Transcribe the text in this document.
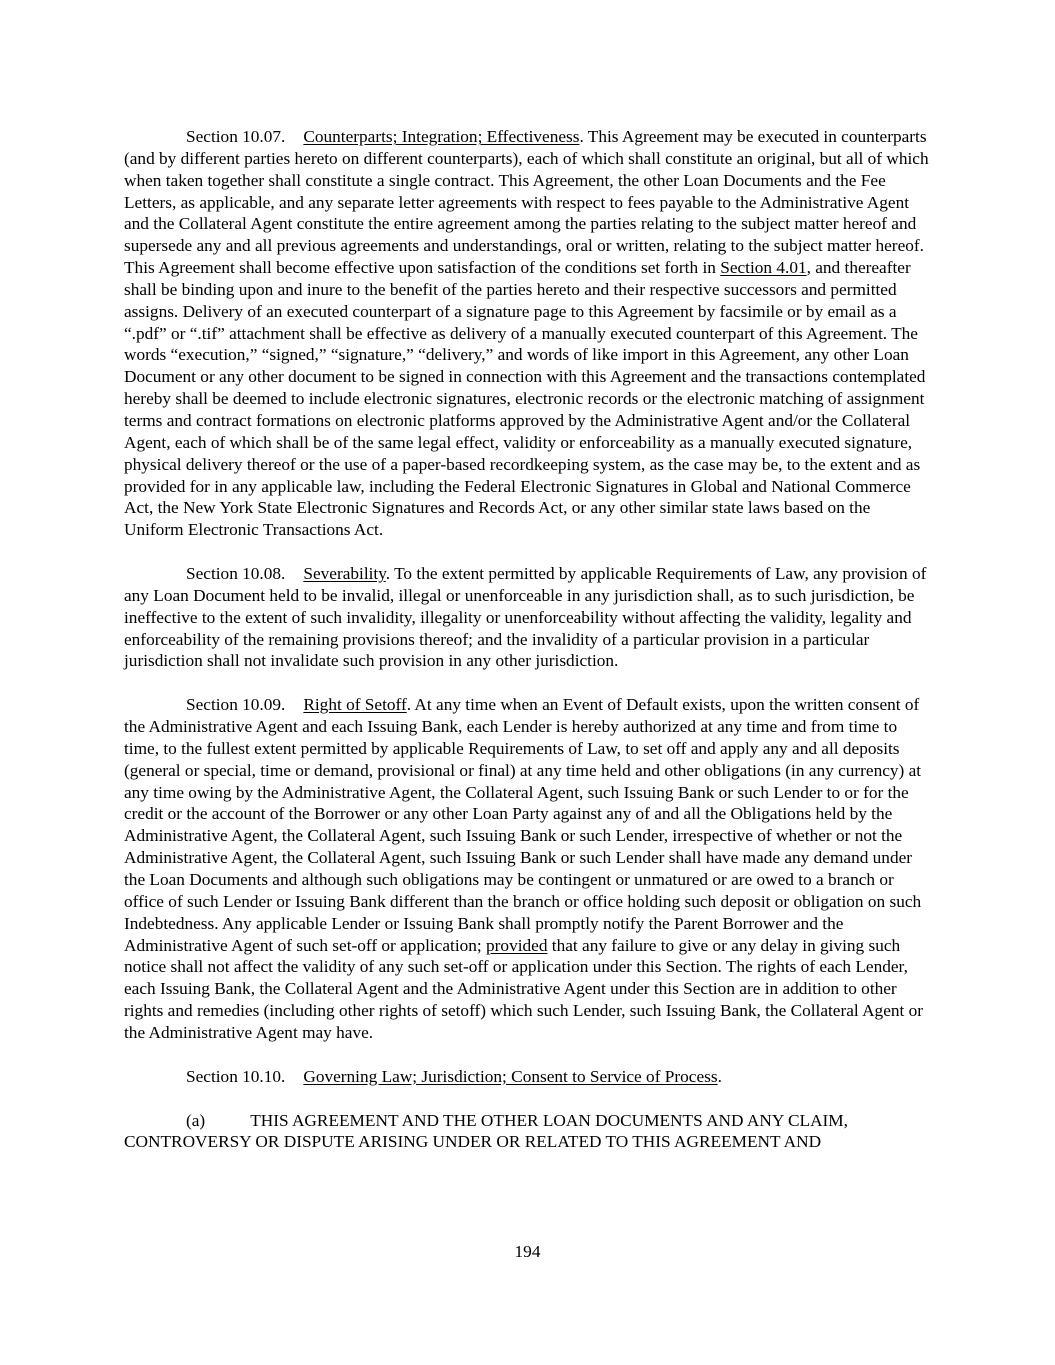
Section 10.07. Counterparts; Integration; Effectiveness. This Agreement may be executed in counterparts (and by different parties hereto on different counterparts), each of which shall constitute an original, but all of which when taken together shall constitute a single contract. This Agreement, the other Loan Documents and the Fee Letters, as applicable, and any separate letter agreements with respect to fees payable to the Administrative Agent and the Collateral Agent constitute the entire agreement among the parties relating to the subject matter hereof and supersede any and all previous agreements and understandings, oral or written, relating to the subject matter hereof. This Agreement shall become effective upon satisfaction of the conditions set forth in Section 4.01, and thereafter shall be binding upon and inure to the benefit of the parties hereto and their respective successors and permitted assigns. Delivery of an executed counterpart of a signature page to this Agreement by facsimile or by email as a “.pdf” or “.tif” attachment shall be effective as delivery of a manually executed counterpart of this Agreement. The words “execution,” “signed,” “signature,” “delivery,” and words of like import in this Agreement, any other Loan Document or any other document to be signed in connection with this Agreement and the transactions contemplated hereby shall be deemed to include electronic signatures, electronic records or the electronic matching of assignment terms and contract formations on electronic platforms approved by the Administrative Agent and/or the Collateral Agent, each of which shall be of the same legal effect, validity or enforceability as a manually executed signature, physical delivery thereof or the use of a paper-based recordkeeping system, as the case may be, to the extent and as provided for in any applicable law, including the Federal Electronic Signatures in Global and National Commerce Act, the New York State Electronic Signatures and Records Act, or any other similar state laws based on the Uniform Electronic Transactions Act.

Section 10.08. Severability. To the extent permitted by applicable Requirements of Law, any provision of any Loan Document held to be invalid, illegal or unenforceable in any jurisdiction shall, as to such jurisdiction, be ineffective to the extent of such invalidity, illegality or unenforceability without affecting the validity, legality and enforceability of the remaining provisions thereof; and the invalidity of a particular provision in a particular jurisdiction shall not invalidate such provision in any other jurisdiction.

Section 10.09. Right of Setoff. At any time when an Event of Default exists, upon the written consent of the Administrative Agent and each Issuing Bank, each Lender is hereby authorized at any time and from time to time, to the fullest extent permitted by applicable Requirements of Law, to set off and apply any and all deposits (general or special, time or demand, provisional or final) at any time held and other obligations (in any currency) at any time owing by the Administrative Agent, the Collateral Agent, such Issuing Bank or such Lender to or for the credit or the account of the Borrower or any other Loan Party against any of and all the Obligations held by the Administrative Agent, the Collateral Agent, such Issuing Bank or such Lender, irrespective of whether or not the Administrative Agent, the Collateral Agent, such Issuing Bank or such Lender shall have made any demand under the Loan Documents and although such obligations may be contingent or unmatured or are owed to a branch or office of such Lender or Issuing Bank different than the branch or office holding such deposit or obligation on such Indebtedness. Any applicable Lender or Issuing Bank shall promptly notify the Parent Borrower and the Administrative Agent of such set-off or application; provided that any failure to give or any delay in giving such notice shall not affect the validity of any such set-off or application under this Section. The rights of each Lender, each Issuing Bank, the Collateral Agent and the Administrative Agent under this Section are in addition to other rights and remedies (including other rights of setoff) which such Lender, such Issuing Bank, the Collateral Agent or the Administrative Agent may have.

Section 10.10. Governing Law; Jurisdiction; Consent to Service of Process.

(a)	THIS AGREEMENT AND THE OTHER LOAN DOCUMENTS AND ANY CLAIM, CONTROVERSY OR DISPUTE ARISING UNDER OR RELATED TO THIS AGREEMENT AND

194
